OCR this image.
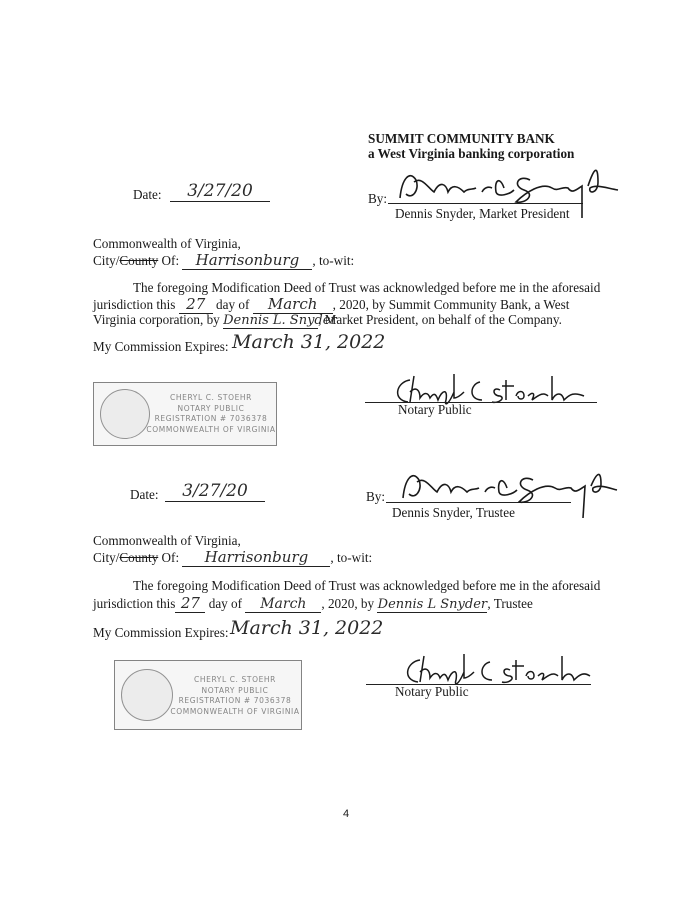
SUMMIT COMMUNITY BANK
a West Virginia banking corporation
Date:	3/27/20	By:
Dennis Snyder, Market President
Commonwealth of Virginia,
City/County Of: Harrisonburg , to-wit:
The foregoing Modification Deed of Trust was acknowledged before me in the aforesaid
jurisdiction this 27 day of March , 2020, by Summit Community Bank, a West
Virginia corporation, by Dennis L. Snyder, Market President, on behalf of the Company.
My Commission Expires: March 31, 2022
CHERYL C. STOEHR
NOTARY PUBLIC
REGISTRATION # 7036378
COMMONWEALTH OF VIRGINIA
Notary Public
Date:	3/27/20	By:
Dennis Snyder, Trustee
Commonwealth of Virginia,
City/County Of: Harrisonburg , to-wit:
The foregoing Modification Deed of Trust was acknowledged before me in the aforesaid
jurisdiction this 27 day of March , 2020, by Dennis L Snyder, Trustee
My Commission Expires: March 31, 2022
CHERYL C. STOEHR
NOTARY PUBLIC
REGISTRATION # 7036378
COMMONWEALTH OF VIRGINIA
Notary Public
4
